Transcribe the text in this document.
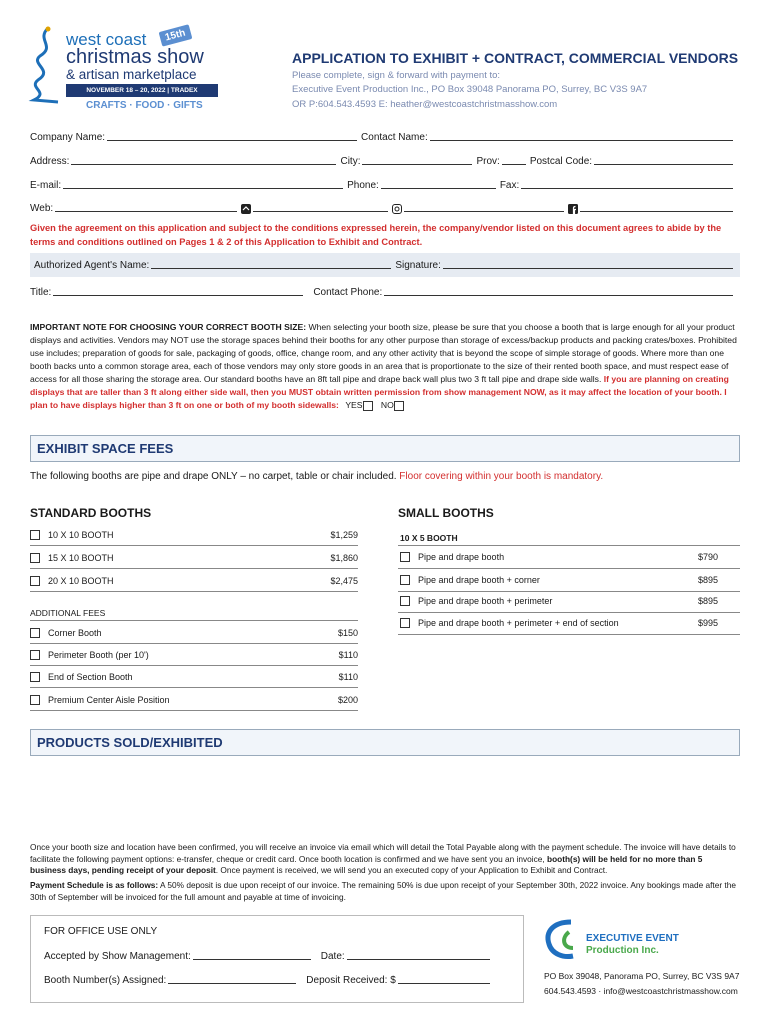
west coast	15th
christmas show
& artisan marketplace
NOVEMBER 18 – 20, 2022 | TRADEX
CRAFTS · FOOD · GIFTS
APPLICATION TO EXHIBIT + CONTRACT, COMMERCIAL VENDORS
Please complete, sign & forward with payment to:
Executive Event Production Inc., PO Box 39048 Panorama PO, Surrey, BC V3S 9A7
OR P:604.543.4593 E: heather@westcoastchristmasshow.com
Company Name:	Contact Name:
Address:	City:	Prov:	Postcal Code:
E-mail:	Phone:	Fax:
Web:
Given the agreement on this application and subject to the conditions expressed herein, the company/vendor listed on this document agrees to abide by the terms and conditions outlined on Pages 1 & 2 of this Application to Exhibit and Contract.
Authorized Agent's Name:	Signature:
Title:	Contact Phone:
IMPORTANT NOTE FOR CHOOSING YOUR CORRECT BOOTH SIZE: When selecting your booth size, please be sure that you choose a booth that is large enough for all your product displays and activities. Vendors may NOT use the storage spaces behind their booths for any other purpose than storage of excess/backup products and packing crates/boxes. Prohibited use includes; preparation of goods for sale, packaging of goods, office, change room, and any other activity that is beyond the scope of simple storage of goods. Where more than one booth backs unto a common storage area, each of those vendors may only store goods in an area that is proportionate to the size of their rented booth space, and must respect ease of access for all those sharing the storage area. Our standard booths have an 8ft tall pipe and drape back wall plus two 3 ft tall pipe and drape side walls. If you are planning on creating displays that are taller than 3 ft along either side wall, then you MUST obtain written permission from show management NOW, as it may affect the location of your booth. I plan to have displays higher than 3 ft on one or both of my booth sidewalls: YES NO
EXHIBIT SPACE FEES
The following booths are pipe and drape ONLY – no carpet, table or chair included. Floor covering within your booth is mandatory.
STANDARD BOOTHS	SMALL BOOTHS
10 X 5 BOOTH
10 X 10 BOOTH	$1,259
15 X 10 BOOTH	$1,860
20 X 10 BOOTH	$2,475
ADDITIONAL FEES
Corner Booth	$150
Perimeter Booth (per 10')	$110
End of Section Booth	$110
Premium Center Aisle Position	$200
Pipe and drape booth	$790
Pipe and drape booth + corner	$895
Pipe and drape booth + perimeter	$895
Pipe and drape booth + perimeter + end of section	$995
PRODUCTS SOLD/EXHIBITED
Once your booth size and location have been confirmed, you will receive an invoice via email which will detail the Total Payable along with the payment schedule. The invoice will have details to facilitate the following payment options: e-transfer, cheque or credit card. Once booth location is confirmed and we have sent you an invoice, booth(s) will be held for no more than 5 business days, pending receipt of your deposit. Once payment is received, we will send you an executed copy of your Application to Exhibit and Contract.
Payment Schedule is as follows: A 50% deposit is due upon receipt of our invoice. The remaining 50% is due upon receipt of your September 30th, 2022 invoice. Any bookings made after the 30th of September will be invoiced for the full amount and payable at time of invoicing.
FOR OFFICE USE ONLY
Accepted by Show Management:	Date:
Booth Number(s) Assigned:	Deposit Received: $
EXECUTIVE EVENT
Production Inc.
PO Box 39048, Panorama PO, Surrey, BC V3S 9A7
604.543.4593 · info@westcoastchristmasshow.com
